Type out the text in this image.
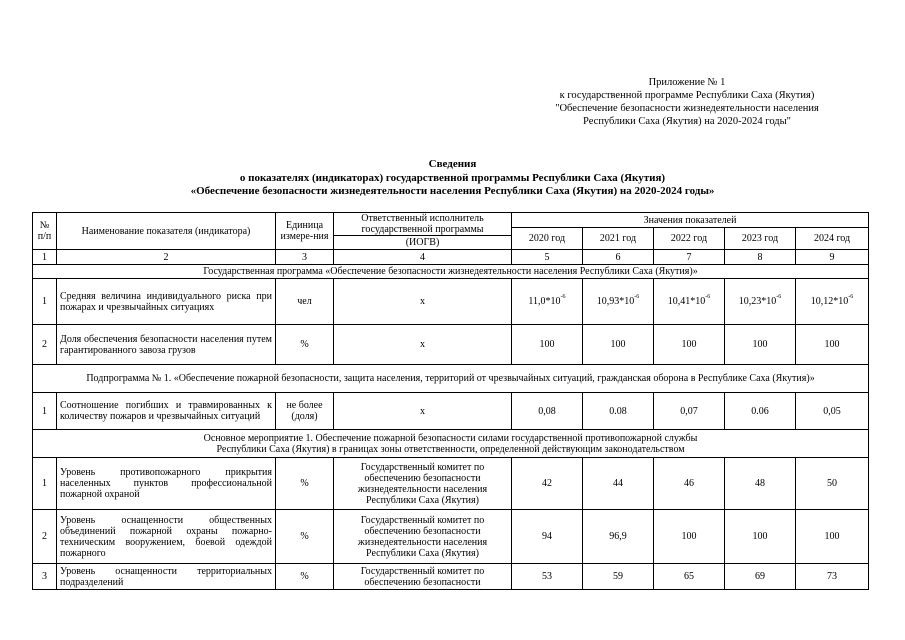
Приложение № 1
к государственной программе Республики Саха (Якутия)
"Обеспечение безопасности жизнедеятельности населения
Республики Саха (Якутия) на 2020-2024 годы"
Сведения
о показателях (индикаторах) государственной программы Республики Саха (Якутия)
«Обеспечение безопасности жизнедеятельности населения Республики Саха (Якутия) на 2020-2024 годы»
№ п/п	Наименование показателя (индикатора)	Единица измере-ния	Ответственный исполнитель государственной программы	Значения показателей				
				2020 год	2021 год	2022 год	2023 год	2024 год
			(ИОГВ)					
1	2	3	4	5	6	7	8	9
Государственная программа «Обеспечение безопасности жизнедеятельности населения Республики Саха (Якутия)»								
1	Средняя величина индивидуального риска при пожарах и чрезвычайных ситуациях	чел	х	$11,0*10^{-6}$	$10,93*10^{-6}$	$10,41*10^{-6}$	$10,23*10^{-6}$	$10,12*10^{-6}$
2	Доля обеспечения безопасности населения путем гарантированного завоза грузов	%	х	100	100	100	100	100
Подпрограмма № 1. «Обеспечение пожарной безопасности, защита населения, территорий от чрезвычайных ситуаций, гражданская оборона в Республике Саха (Якутия)»								
1	Соотношение погибших и травмированных к количеству пожаров и чрезвычайных ситуаций	не более (доля)	х	0,08	0.08	0,07	0.06	0,05

Основное мероприятие 1. Обеспечение пожарной безопасности силами государственной противопожарной службы
Республики Саха (Якутия) в границах зоны ответственности, определенной действующим законодательством								

1	Уровень противопожарного прикрытия населенных пунктов профессиональной пожарной охраной	%	Государственный комитет по обеспечению безопасности жизнедеятельности населения Республики Саха (Якутия)	42	44	46	48	50
2	Уровень оснащенности общественных объединений пожарной охраны пожарно-техническим вооружением, боевой одеждой пожарного	%	Государственный комитет по обеспечению безопасности жизнедеятельности населения Республики Саха (Якутия)	94	96,9	100	100	100
3	Уровень оснащенности территориальных подразделений	%	Государственный комитет по обеспечению безопасности	53	59	65	69	73
